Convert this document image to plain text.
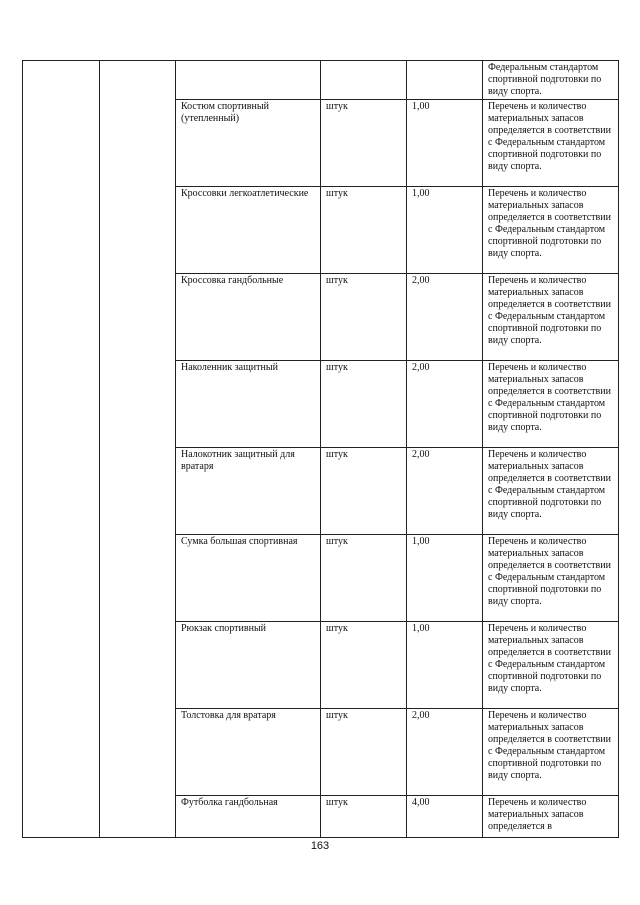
					Федеральным стандартом спортивной подготовки по виду спорта.
		Костюм спортивный (утепленный)	штук	1,00	Перечень и количество материальных запасов определяется в соответствии с Федеральным стандартом спортивной подготовки по виду спорта.
		Кроссовки легкоатлетические	штук	1,00	Перечень и количество материальных запасов определяется в соответствии с Федеральным стандартом спортивной подготовки по виду спорта.
		Кроссовка гандбольные	штук	2,00	Перечень и количество материальных запасов определяется в соответствии с Федеральным стандартом спортивной подготовки по виду спорта.
		Наколенник защитный	штук	2,00	Перечень и количество материальных запасов определяется в соответствии с Федеральным стандартом спортивной подготовки по виду спорта.
		Налокотник защитный для вратаря	штук	2,00	Перечень и количество материальных запасов определяется в соответствии с Федеральным стандартом спортивной подготовки по виду спорта.
		Сумка большая спортивная	штук	1,00	Перечень и количество материальных запасов определяется в соответствии с Федеральным стандартом спортивной подготовки по виду спорта.
		Рюкзак спортивный	штук	1,00	Перечень и количество материальных запасов определяется в соответствии с Федеральным стандартом спортивной подготовки по виду спорта.
		Толстовка для вратаря	штук	2,00	Перечень и количество материальных запасов определяется в соответствии с Федеральным стандартом спортивной подготовки по виду спорта.
		Футболка гандбольная	штук	4,00	Перечень и количество материальных запасов определяется в
163
